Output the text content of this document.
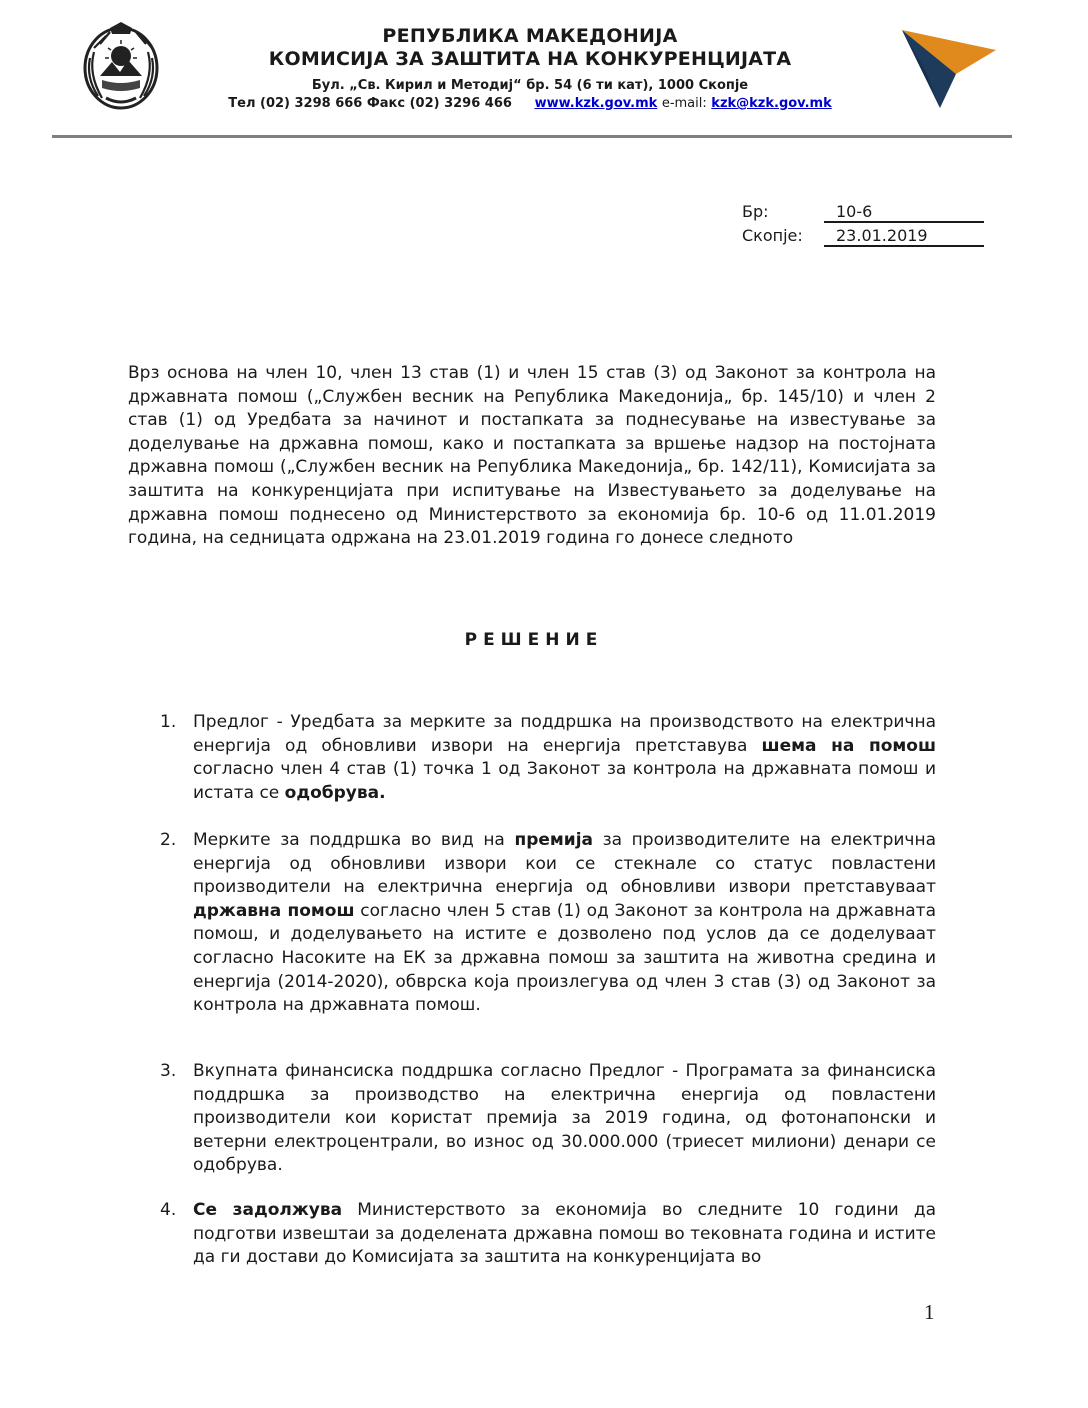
РЕПУБЛИКА МАКЕДОНИЈА
КОМИСИЈА ЗА ЗАШТИТА НА КОНКУРЕНЦИЈАТА
Бул. „Св. Кирил и Методиј“ бр. 54 (6 ти кат), 1000 Скопје
Тел (02) 3298 666 Факс (02) 3296 466 www.kzk.gov.mk e-mail: kzk@kzk.gov.mk
Бр:	10-6
Скопје: 23.01.2019

Врз основа на член 10, член 13 став (1) и член 15 став (3) од Законот за контрола на државната помош („Службен весник на Република Македонија„ бр. 145/10) и член 2 став (1) од Уредбата за начинот и постапката за поднесување на известување за доделување на државна помош, како и постапката за вршење надзор на постојната државна помош („Службен весник на Република Македонија„ бр. 142/11), Комисијата за заштита на конкуренцијата при испитување на Известувањето за доделување на државна помош поднесено од Министерството за економија бр. 10-6 од 11.01.2019 година, на седницата одржана на 23.01.2019 година го донесе следното

РЕШЕНИЕ
1. Предлог - Уредбата за мерките за поддршка на производството на електрична енергија од обновливи извори на енергија претставува шема на помош согласно член 4 став (1) точка 1 од Законот за контрола на државната помош и истата се одобрува.
2. Мерките за поддршка во вид на премија за производителите на електрична енергија од обновливи извори кои се стекнале со статус повластени производители на електрична енергија од обновливи извори претставуваат државна помош согласно член 5 став (1) од Законот за контрола на државната помош, и доделувањето на истите е дозволено под услов да се доделуваат согласно Насоките на ЕК за државна помош за заштита на животна средина и енергија (2014-2020), обврска која произлегува од член 3 став (3) од Законот за контрола на државната помош.
3. Вкупната финансиска поддршка согласно Предлог - Програмата за финансиска поддршка за производство на електрична енергија од повластени производители кои користат премија за 2019 година, од фотонапонски и ветерни електроцентрали, во износ од 30.000.000 (триесет милиони) денари се одобрува.
4. Се задолжува Министерството за економија во следните 10 години да подготви извештаи за доделената државна помош во тековната година и истите да ги достави до Комисијата за заштита на конкуренцијата во
1
